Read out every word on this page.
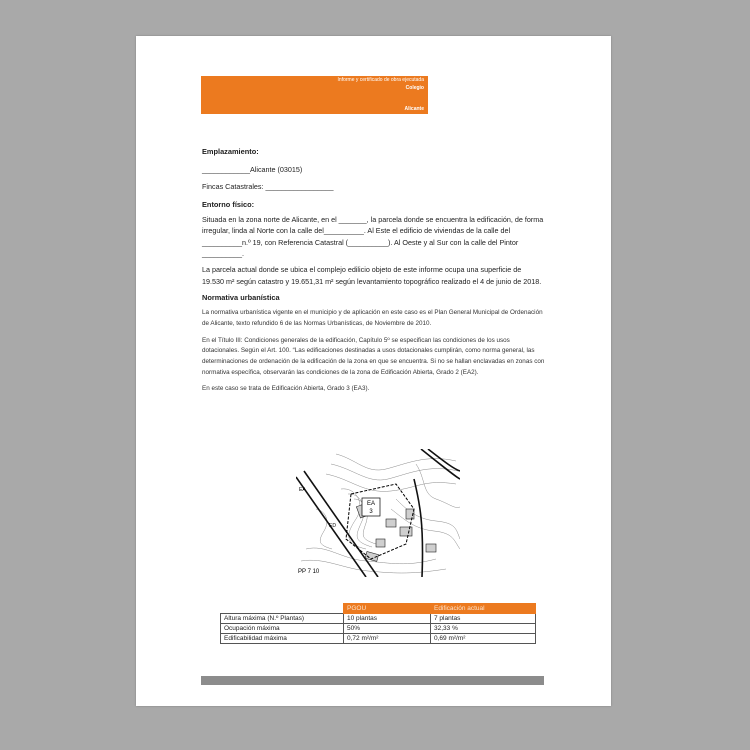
Informe y certificado de obra ejecutada
Colegio
Alicante

Emplazamiento:

____________Alicante (03015)

Fincas Catastrales: _________________

Entorno físico:

Situada en la zona norte de Alicante, en el _______, la parcela donde se encuentra la edificación, de forma irregular, linda al Norte con la calle del__________. Al Este el edificio de viviendas de la calle del __________n.º 19, con Referencia Catastral (__________). Al Oeste y al Sur con la calle del Pintor __________.

La parcela actual donde se ubica el complejo edilicio objeto de este informe ocupa una superficie de 19.530 m² según catastro y 19.651,31 m² según levantamiento topográfico realizado el 4 de junio de 2018.

Normativa urbanística

La normativa urbanística vigente en el municipio y de aplicación en este caso es el Plan General Municipal de Ordenación de Alicante, texto refundido 6 de las Normas Urbanísticas, de Noviembre de 2010.

En el Título III: Condiciones generales de la edificación, Capítulo 5º se especifican las condiciones de los usos dotacionales. Según el Art. 100. “Las edificaciones destinadas a usos dotacionales cumplirán, como norma general, las determinaciones de ordenación de la edificación de la zona en que se encuentra. Si no se hallan enclavadas en zonas con normativa específica, observarán las condiciones de la zona de Edificación Abierta, Grado 2 (EA2).

En este caso se trata de Edificación Abierta, Grado 3 (EA3).

EA
3
EA
ED
PP 7 10
	PGOU	Edificación actual
Altura máxima (N.º Plantas)	10 plantas	7 plantas
Ocupación máxima	50%	32,33 %
Edificabilidad máxima	0,72 m²/m²	0,69 m²/m²
